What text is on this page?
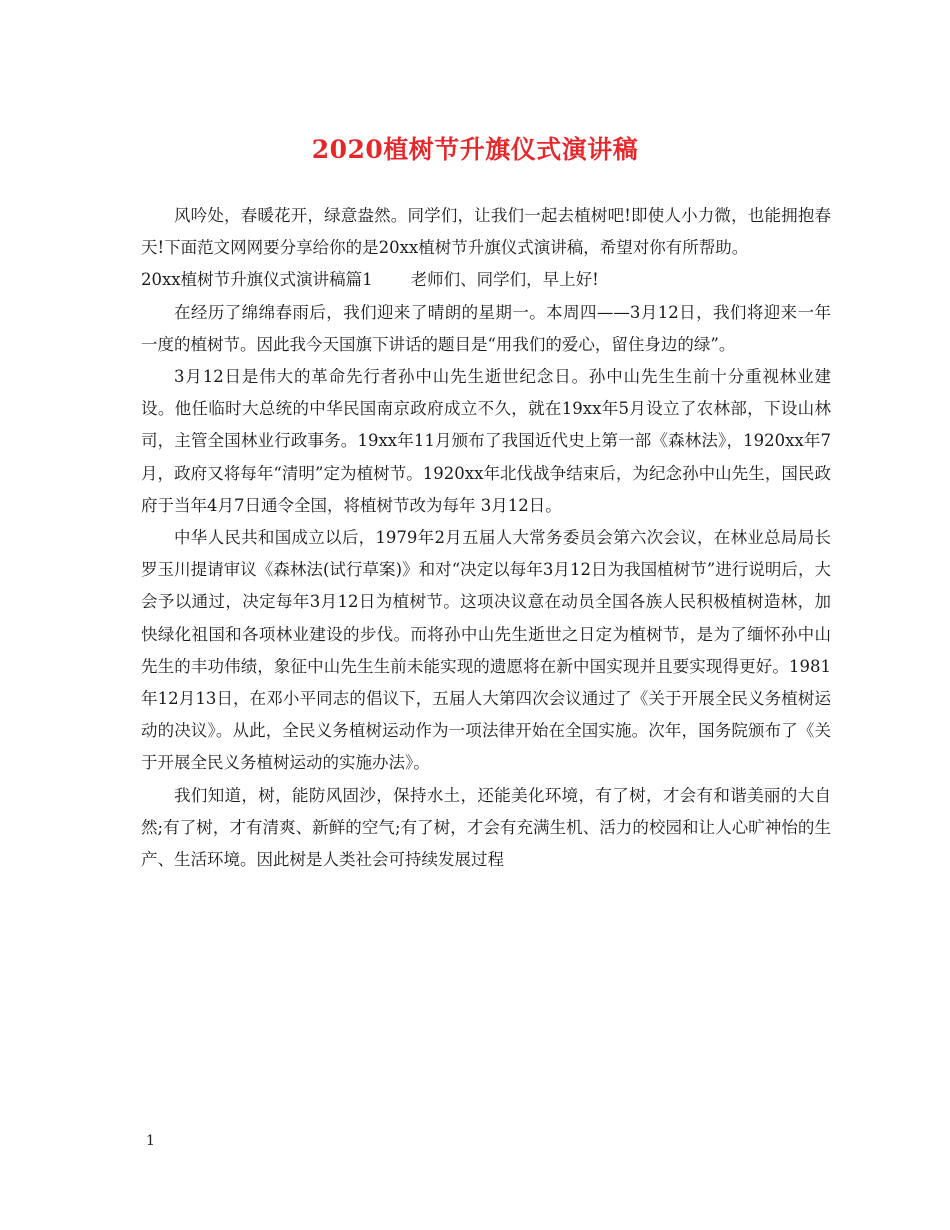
2020植树节升旗仪式演讲稿

风吟处，春暖花开，绿意盎然。同学们，让我们一起去植树吧!即使人小力微，也能拥抱春天!下面范文网网要分享给你的是20xx植树节升旗仪式演讲稿，希望对你有所帮助。

20xx植树节升旗仪式演讲稿篇1 老师们、同学们，早上好!

在经历了绵绵春雨后，我们迎来了晴朗的星期一。本周四——3月12日，我们将迎来一年一度的植树节。因此我今天国旗下讲话的题目是“用我们的爱心，留住身边的绿”。

3月12日是伟大的革命先行者孙中山先生逝世纪念日。孙中山先生生前十分重视林业建设。他任临时大总统的中华民国南京政府成立不久，就在19xx年5月设立了农林部，下设山林司，主管全国林业行政事务。19xx年11月颁布了我国近代史上第一部《森林法》，1920xx年7月，政府又将每年“清明”定为植树节。1920xx年北伐战争结束后，为纪念孙中山先生，国民政府于当年4月7日通令全国，将植树节改为每年 3月12日。

中华人民共和国成立以后，1979年2月五届人大常务委员会第六次会议，在林业总局局长罗玉川提请审议《森林法(试行草案)》和对“决定以每年3月12日为我国植树节”进行说明后，大会予以通过，决定每年3月12日为植树节。这项决议意在动员全国各族人民积极植树造林，加快绿化祖国和各项林业建设的步伐。而将孙中山先生逝世之日定为植树节，是为了缅怀孙中山先生的丰功伟绩，象征中山先生生前未能实现的遗愿将在新中国实现并且要实现得更好。1981年12月13日，在邓小平同志的倡议下，五届人大第四次会议通过了《关于开展全民义务植树运动的决议》。从此，全民义务植树运动作为一项法律开始在全国实施。次年，国务院颁布了《关于开展全民义务植树运动的实施办法》。

我们知道，树，能防风固沙，保持水土，还能美化环境，有了树，才会有和谐美丽的大自然;有了树，才有清爽、新鲜的空气;有了树，才会有充满生机、活力的校园和让人心旷神怡的生产、生活环境。因此树是人类社会可持续发展过程

1
